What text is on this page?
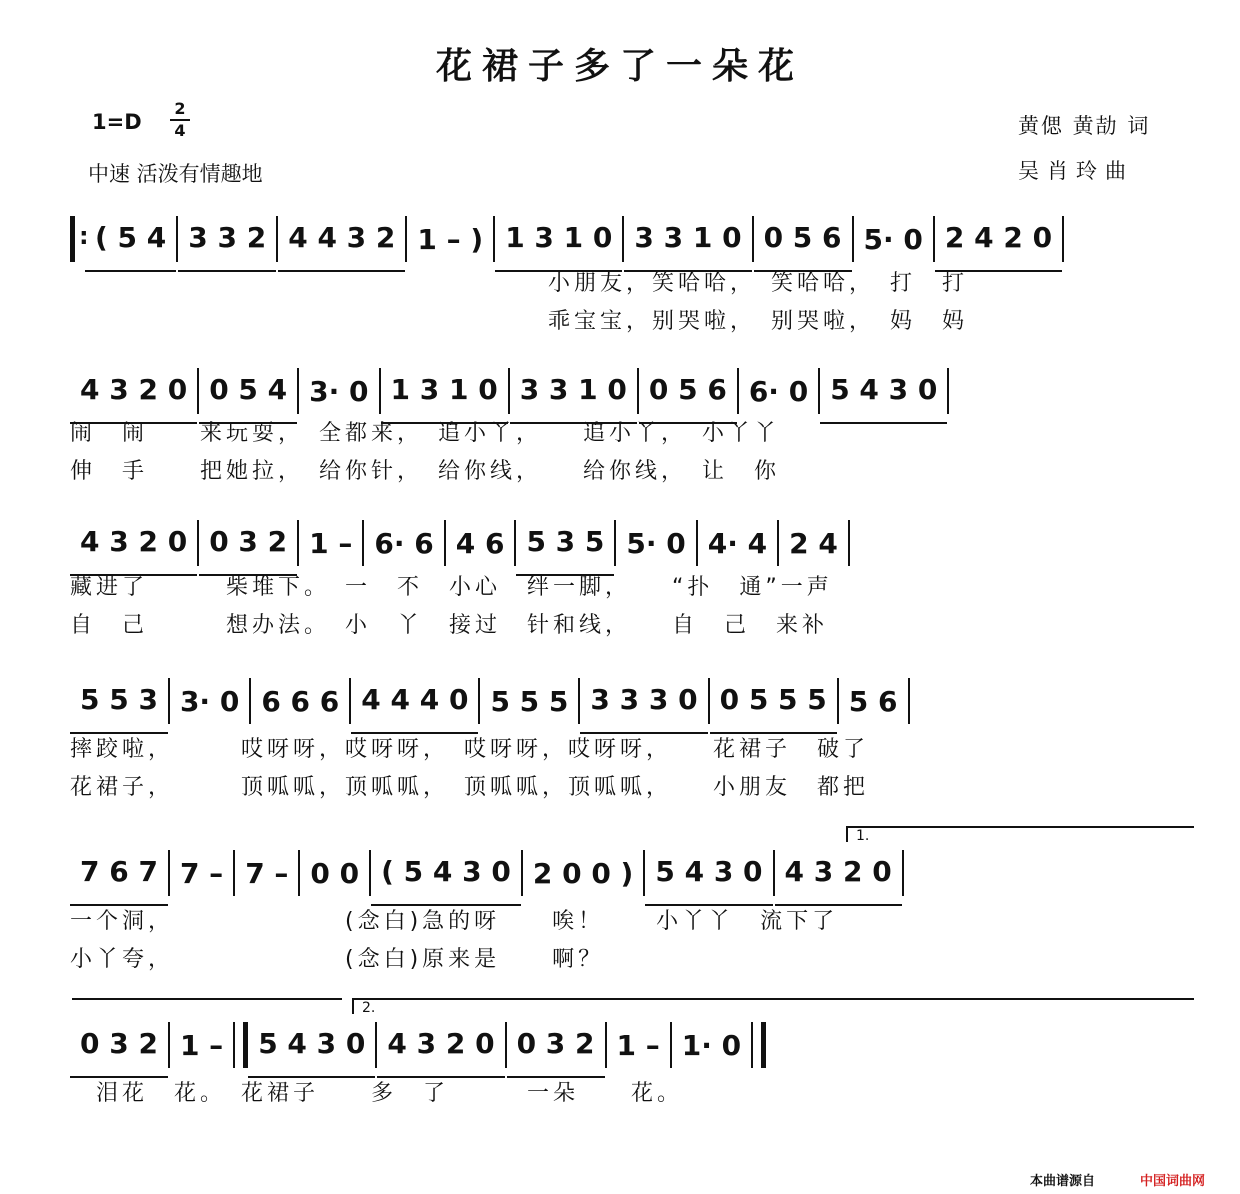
花裙子多了一朵花
1=D
2
4
中速 活泼有情趣地
黄偲 黄劼 词
吴肖玲曲
:
( 5 4 3 3 2 4 4 3 2 1 – ) 1 3 1 0 3 3 1 0 0 5 6 5· 0 2 4 2 0
小朋友，笑哈哈，　笑哈哈，　打　打
乖宝宝，别哭啦，　别哭啦，　妈　妈
4 3 2 0 0 5 4 3· 0 1 3 1 0 3 3 1 0 0 5 6 6· 0 5 4 3 0
闹　闹　　来玩耍，　全都来，　追小丫，　　追小丫，　小丫丫
伸　手　　把她拉，　给你针，　给你线，　　给你线，　让　你
4 3 2 0 0 3 2 1 – 6· 6 4 6 5 3 5 5· 0 4· 4 2 4
藏进了　　　柴堆下。　一　不　小心　绊一脚，　　“扑　通”一声
自　己　　　想办法。　小　丫　接过　针和线，　　自　己　来补
5 5 3 3· 0 6 6 6 4 4 4 0 5 5 5 3 3 3 0 0 5 5 5 5 6
摔跤啦，　　　哎呀呀，哎呀呀，　哎呀呀，哎呀呀，　　花裙子　破了
花裙子，　　　顶呱呱，顶呱呱，　顶呱呱，顶呱呱，　　小朋友　都把
1.
7 6 7 7 – 7 – 0 0 ( 5 4 3 0 2 0 0 ) 5 4 3 0 4 3 2 0
一个洞，　　　　　　　(念白)急的呀　　唉！　　小丫丫　流下了
小丫夸，　　　　　　　(念白)原来是　　啊？
2.
0 3 2 1 –	5 4 3 0 4 3 2 0 0 3 2 1 – 1· 0
　泪花　花。　花裙子　　多　了　　　一朵　　花。
本曲谱源自	中国词曲网
